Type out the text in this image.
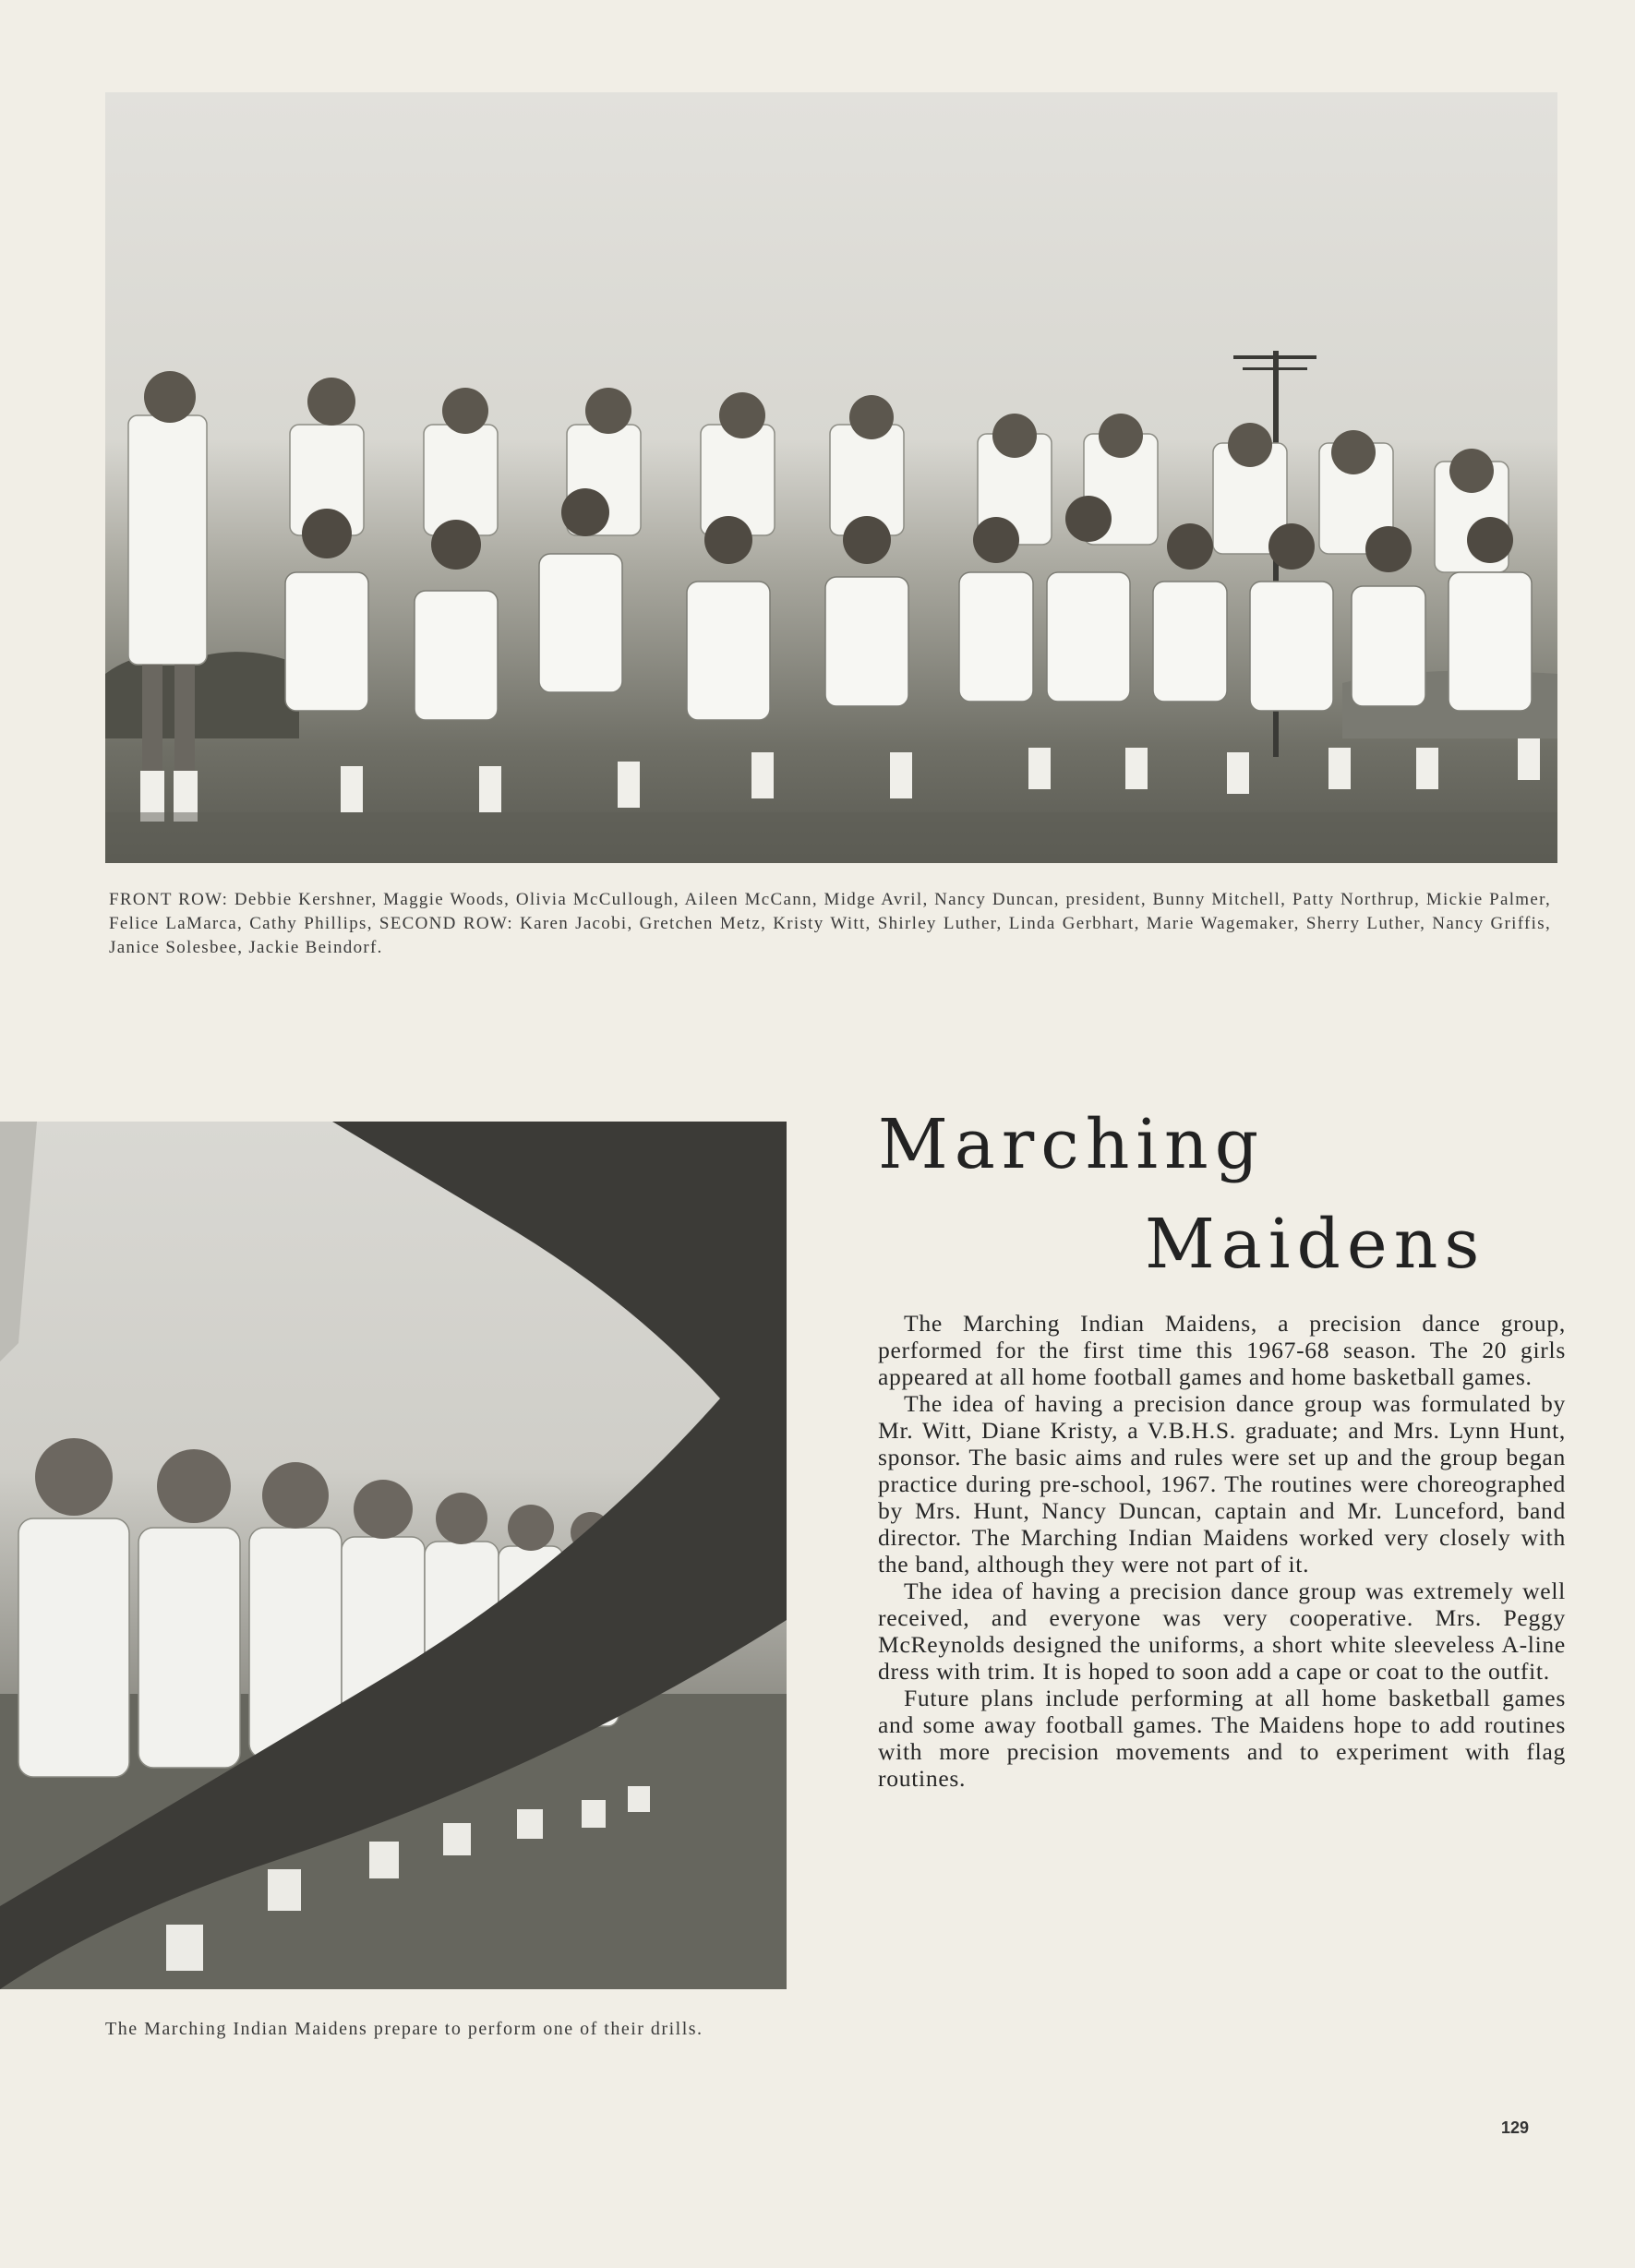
FRONT ROW: Debbie Kershner, Maggie Woods, Olivia McCullough, Aileen McCann, Midge Avril, Nancy Duncan, president, Bunny Mitchell, Patty Northrup, Mickie Palmer, Felice LaMarca, Cathy Phillips, SECOND ROW: Karen Jacobi, Gretchen Metz, Kristy Witt, Shirley Luther, Linda Gerbhart, Marie Wagemaker, Sherry Luther, Nancy Griffis, Janice Solesbee, Jackie Beindorf.

The Marching Indian Maidens prepare to perform one of their drills.

Marching
Maidens

The Marching Indian Maidens, a precision dance group, performed for the first time this 1967-68 season. The 20 girls appeared at all home football games and home basketball games.

The idea of having a precision dance group was formulated by Mr. Witt, Diane Kristy, a V.B.H.S. graduate; and Mrs. Lynn Hunt, sponsor. The basic aims and rules were set up and the group began practice during pre-school, 1967. The routines were choreographed by Mrs. Hunt, Nancy Duncan, captain and Mr. Lunceford, band director. The Marching Indian Maidens worked very closely with the band, although they were not part of it.

The idea of having a precision dance group was extremely well received, and everyone was very cooperative. Mrs. Peggy McReynolds designed the uniforms, a short white sleeveless A-line dress with trim. It is hoped to soon add a cape or coat to the outfit.

Future plans include performing at all home basketball games and some away football games. The Maidens hope to add routines with more precision movements and to experiment with flag routines.

129
